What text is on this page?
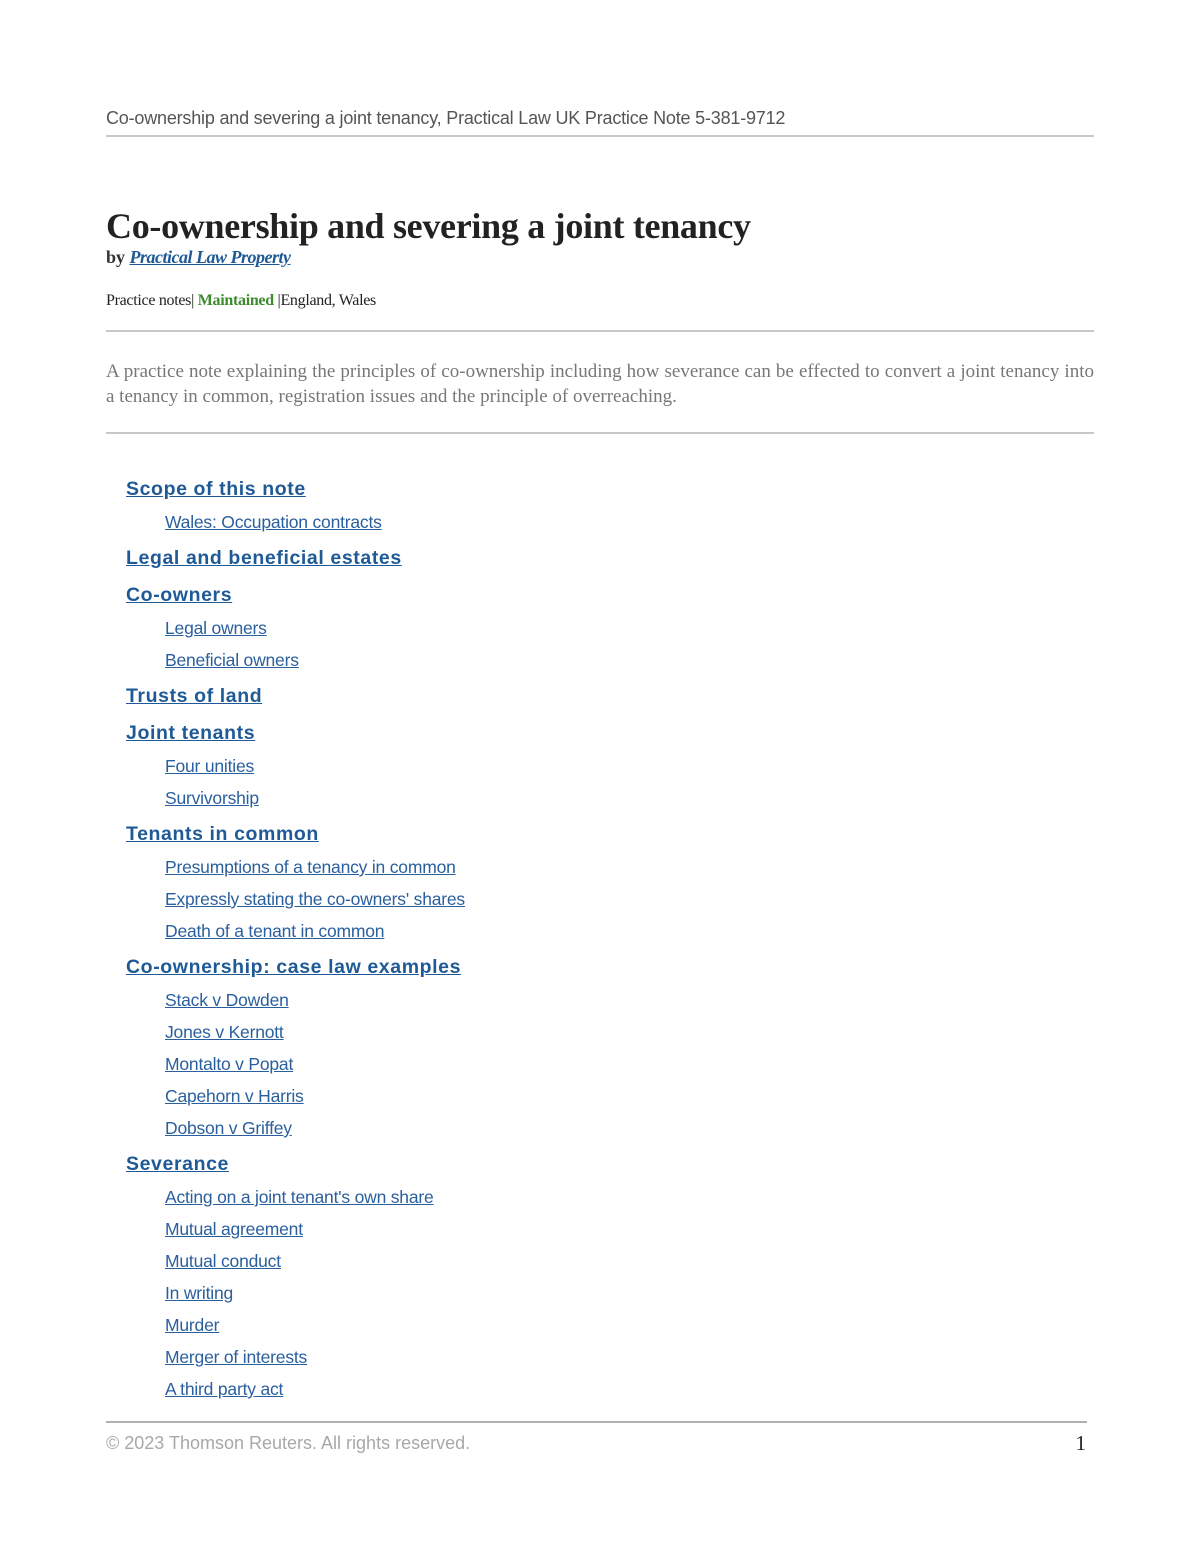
Co-ownership and severing a joint tenancy, Practical Law UK Practice Note 5-381-9712
Co-ownership and severing a joint tenancy
by Practical Law Property
Practice notes| Maintained |England, Wales

A practice note explaining the principles of co-ownership including how severance can be effected to convert a joint tenancy into a tenancy in common, registration issues and the principle of overreaching.

Scope of this note
Wales: Occupation contracts
Legal and beneficial estates
Co-owners
Legal owners
Beneficial owners
Trusts of land
Joint tenants
Four unities
Survivorship
Tenants in common
Presumptions of a tenancy in common
Expressly stating the co-owners' shares
Death of a tenant in common
Co-ownership: case law examples
Stack v Dowden
Jones v Kernott
Montalto v Popat
Capehorn v Harris
Dobson v Griffey
Severance
Acting on a joint tenant's own share
Mutual agreement
Mutual conduct
In writing
Murder
Merger of interests
A third party act
© 2023 Thomson Reuters. All rights reserved.	1
